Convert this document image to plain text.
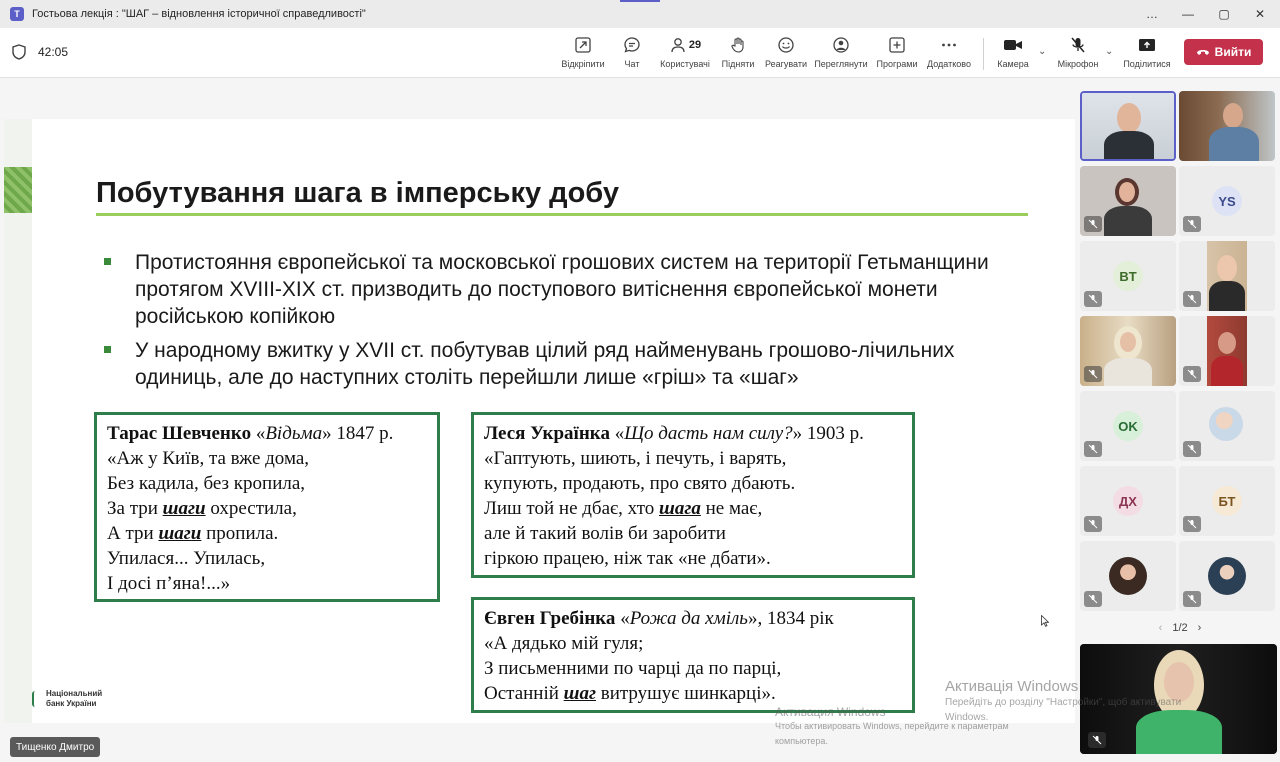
T	Гостьова лекція : "ШАГ – відновлення історичної справедливості"	…	—	▢	✕
42:05
Відкріпити Чат
29
Користувачі Підняти Реагувати Переглянути Програми Додатково	Камера
⌄
Мікрофон
⌄
Поділитися
Вийти
Побутування шага в імперську добу
Протистояння європейської та московської грошових систем на території Гетьманщини протягом XVIII-XIX ст. призводить до поступового витіснення європейської монети російською копійкою
У народному вжитку у XVII ст. побутував цілий ряд найменувань грошово-лічильних одиниць, але до наступних століть перейшли лише «гріш» та «шаг»
Тарас Шевченко «Відьма» 1847 р.
«Аж у Київ, та вже дома,
Без кадила, без кропила,
За три шаги охрестила,
А три шаги пропила.
Упилася... Упилась,
І досі п’яна!...»
Леся Українка «Що дасть нам силу?» 1903 р.
«Гаптують, шиють, і печуть, і варять,
купують, продають, про свято дбають.
Лиш той не дбає, хто шага не має,
але й такий волів би заробити
гіркою працею, ніж так «не дбати».
Євген Гребінка «Рожа да хміль», 1834 рік
«А дядько мій гуля;
З письменними по чарці да по парці,
Останній шаг витрушує шинкарці».
Національний
банк України
Тищенко Дмитро
Активация Windows
Чтобы активировать Windows, перейдите к параметрам
компьютера.
YS
BT
OK
ДХ	БТ
‹ 1/2 ›
Активація Windows
Перейдіть до розділу "Настройки", щоб активувати
Windows.
